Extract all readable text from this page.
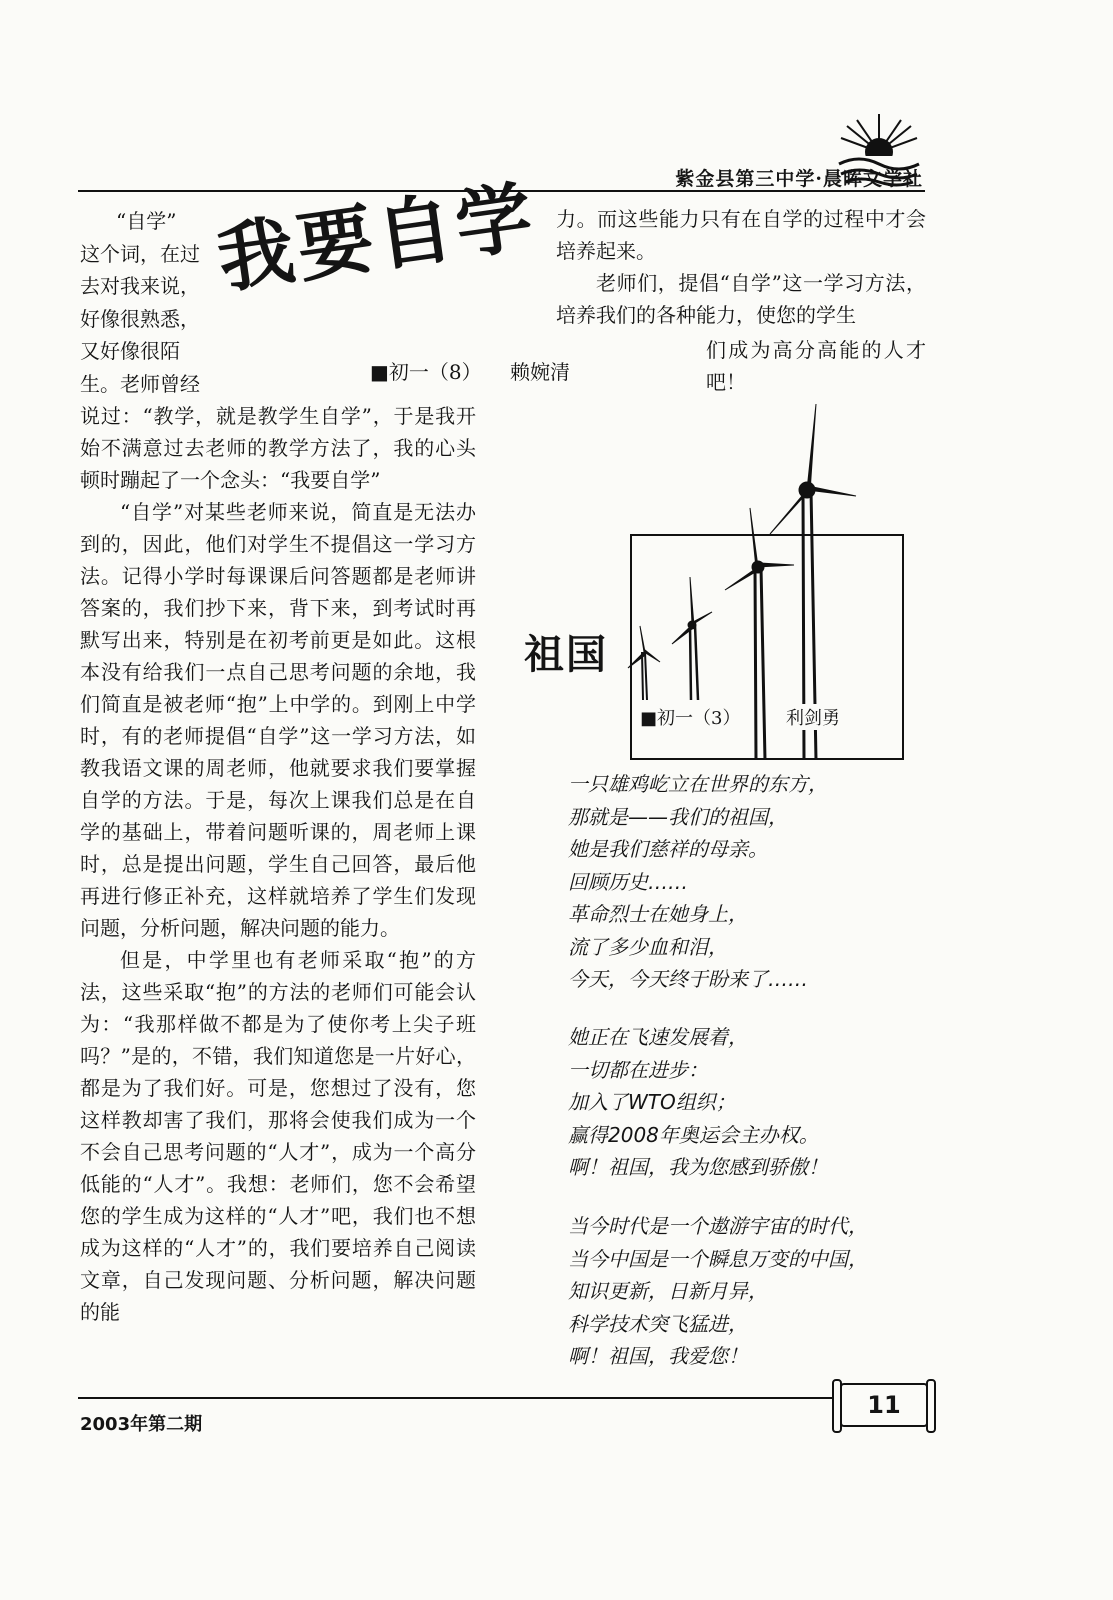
紫金县第三中学·晨晖文学社
“自学”
这个词，在过
去对我来说，
好像很熟悉，
又好像很陌
生。老师曾经
我要自学
■初一（8） 赖婉清

说过：“教学，就是教学生自学”，于是我开始不满意过去老师的教学方法了，我的心头顿时蹦起了一个念头：“我要自学”

“自学”对某些老师来说，简直是无法办到的，因此，他们对学生不提倡这一学习方法。记得小学时每课课后问答题都是老师讲答案的，我们抄下来，背下来，到考试时再默写出来，特别是在初考前更是如此。这根本没有给我们一点自己思考问题的余地，我们简直是被老师“抱”上中学的。到刚上中学时，有的老师提倡“自学”这一学习方法，如教我语文课的周老师，他就要求我们要掌握自学的方法。于是，每次上课我们总是在自学的基础上，带着问题听课的，周老师上课时，总是提出问题，学生自己回答，最后他再进行修正补充，这样就培养了学生们发现问题，分析问题，解决问题的能力。

但是，中学里也有老师采取“抱”的方法，这些采取“抱”的方法的老师们可能会认为：“我那样做不都是为了使你考上尖子班吗？”是的，不错，我们知道您是一片好心，都是为了我们好。可是，您想过了没有，您这样教却害了我们，那将会使我们成为一个不会自己思考问题的“人才”，成为一个高分低能的“人才”。我想：老师们，您不会希望您的学生成为这样的“人才”吧，我们也不想成为这样的“人才”的，我们要培养自己阅读文章，自己发现问题、分析问题，解决问题的能

力。而这些能力只有在自学的过程中才会培养起来。

老师们，提倡“自学”这一学习方法，培养我们的各种能力，使您的学生

们成为高分高能的人才吧！

祖国
■初一（3）	利剑勇
一只雄鸡屹立在世界的东方，
那就是——我们的祖国，
她是我们慈祥的母亲。
回顾历史……
革命烈士在她身上，
流了多少血和泪，
今天，今天终于盼来了……
她正在飞速发展着，
一切都在进步：
加入了WTO组织；
赢得2008年奥运会主办权。
啊！祖国，我为您感到骄傲！
当今时代是一个遨游宇宙的时代，
当今中国是一个瞬息万变的中国，
知识更新，日新月异，
科学技术突飞猛进，
啊！祖国，我爱您！
2003年第二期
11
